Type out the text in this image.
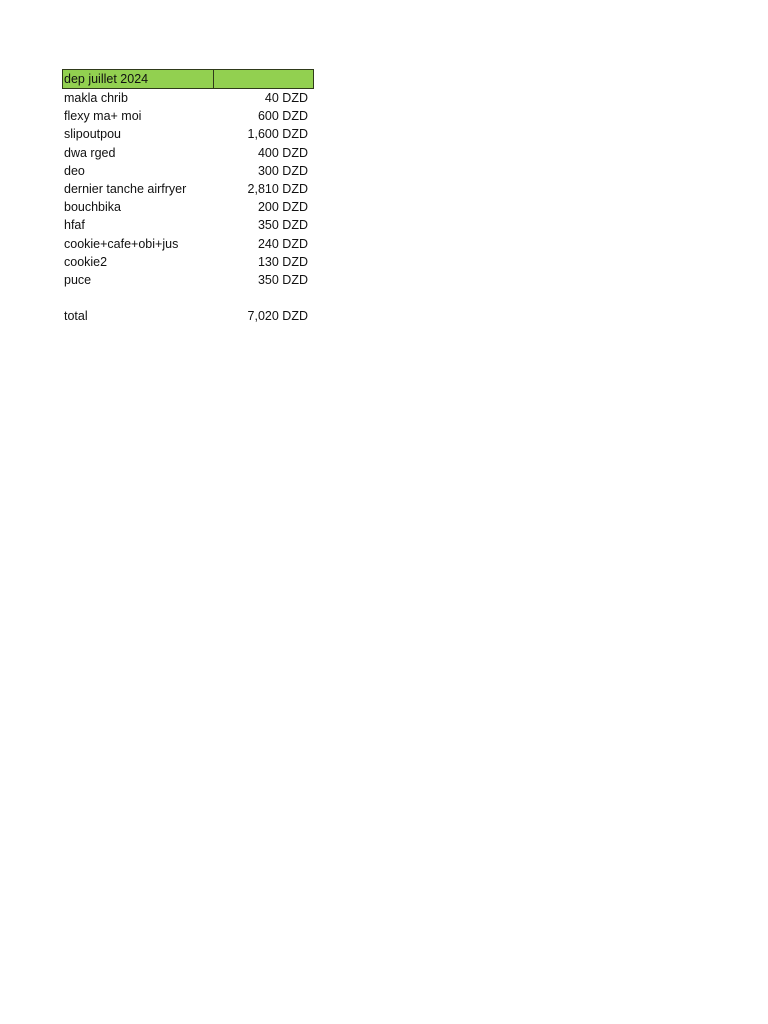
dep juillet 2024
makla chrib	40 DZD
flexy ma+ moi	600 DZD
slipoutpou	1,600 DZD
dwa rged	400 DZD
deo	300 DZD
dernier tanche airfryer	2,810 DZD
bouchbika	200 DZD
hfaf	350 DZD
cookie+cafe+obi+jus	240 DZD
cookie2	130 DZD
puce	350 DZD
total	7,020 DZD
